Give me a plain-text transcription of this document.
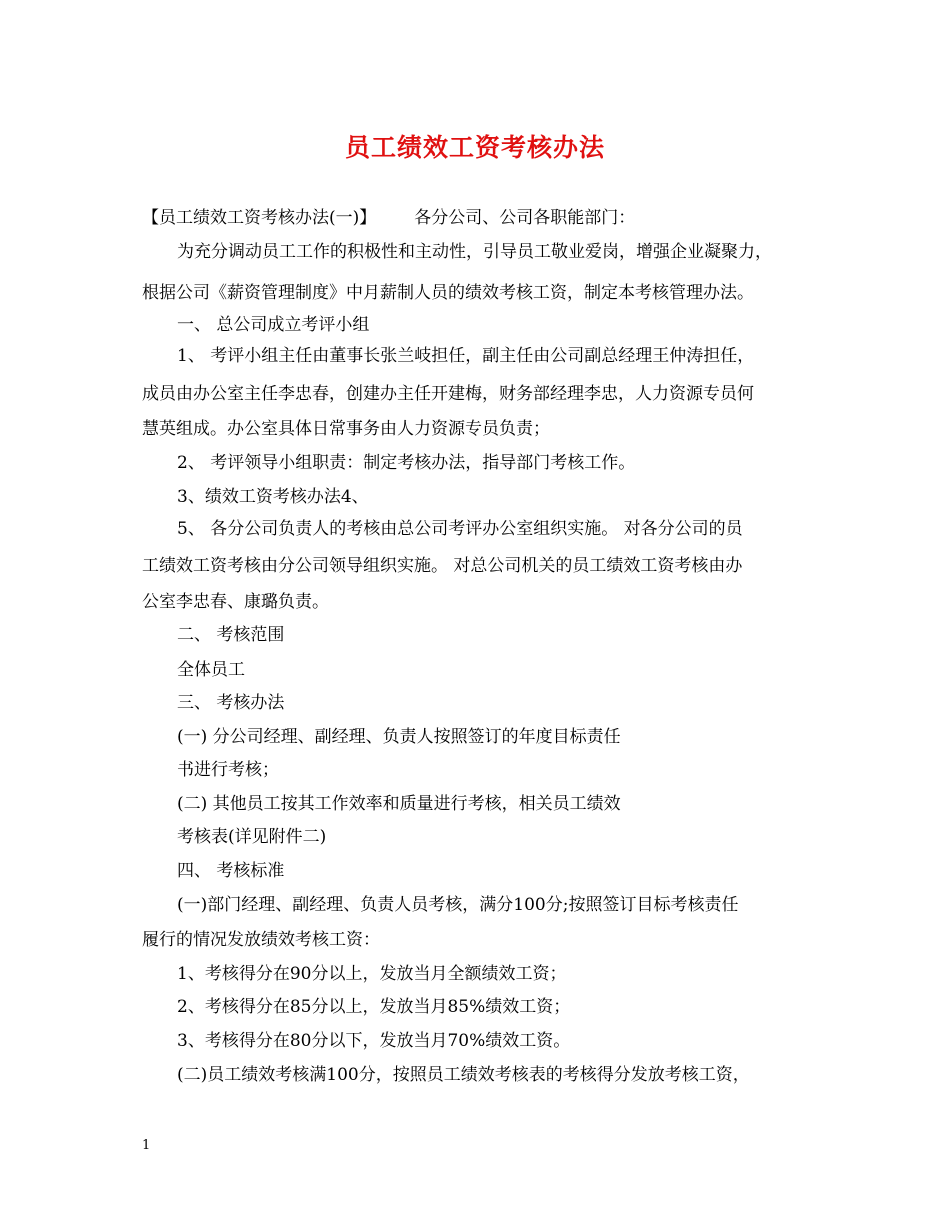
员工绩效工资考核办法
【员工绩效工资考核办法(一)】 各分公司、公司各职能部门：
为充分调动员工工作的积极性和主动性，引导员工敬业爱岗，增强企业凝聚力，
根据公司《薪资管理制度》中月薪制人员的绩效考核工资，制定本考核管理办法。
一、 总公司成立考评小组
1、 考评小组主任由董事长张兰岐担任，副主任由公司副总经理王仲涛担任，
成员由办公室主任李忠春，创建办主任开建梅，财务部经理李忠，人力资源专员何
慧英组成。办公室具体日常事务由人力资源专员负责；
2、 考评领导小组职责：制定考核办法，指导部门考核工作。
3、绩效工资考核办法4、
5、 各分公司负责人的考核由总公司考评办公室组织实施。 对各分公司的员
工绩效工资考核由分公司领导组织实施。 对总公司机关的员工绩效工资考核由办
公室李忠春、康璐负责。
二、 考核范围
全体员工
三、 考核办法
(一) 分公司经理、副经理、负责人按照签订的年度目标责任
书进行考核；
(二) 其他员工按其工作效率和质量进行考核，相关员工绩效
考核表(详见附件二)
四、 考核标准
(一)部门经理、副经理、负责人员考核，满分100分;按照签订目标考核责任
履行的情况发放绩效考核工资：
1、考核得分在90分以上，发放当月全额绩效工资；
2、考核得分在85分以上，发放当月85%绩效工资；
3、考核得分在80分以下，发放当月70%绩效工资。
(二)员工绩效考核满100分，按照员工绩效考核表的考核得分发放考核工资，
1
